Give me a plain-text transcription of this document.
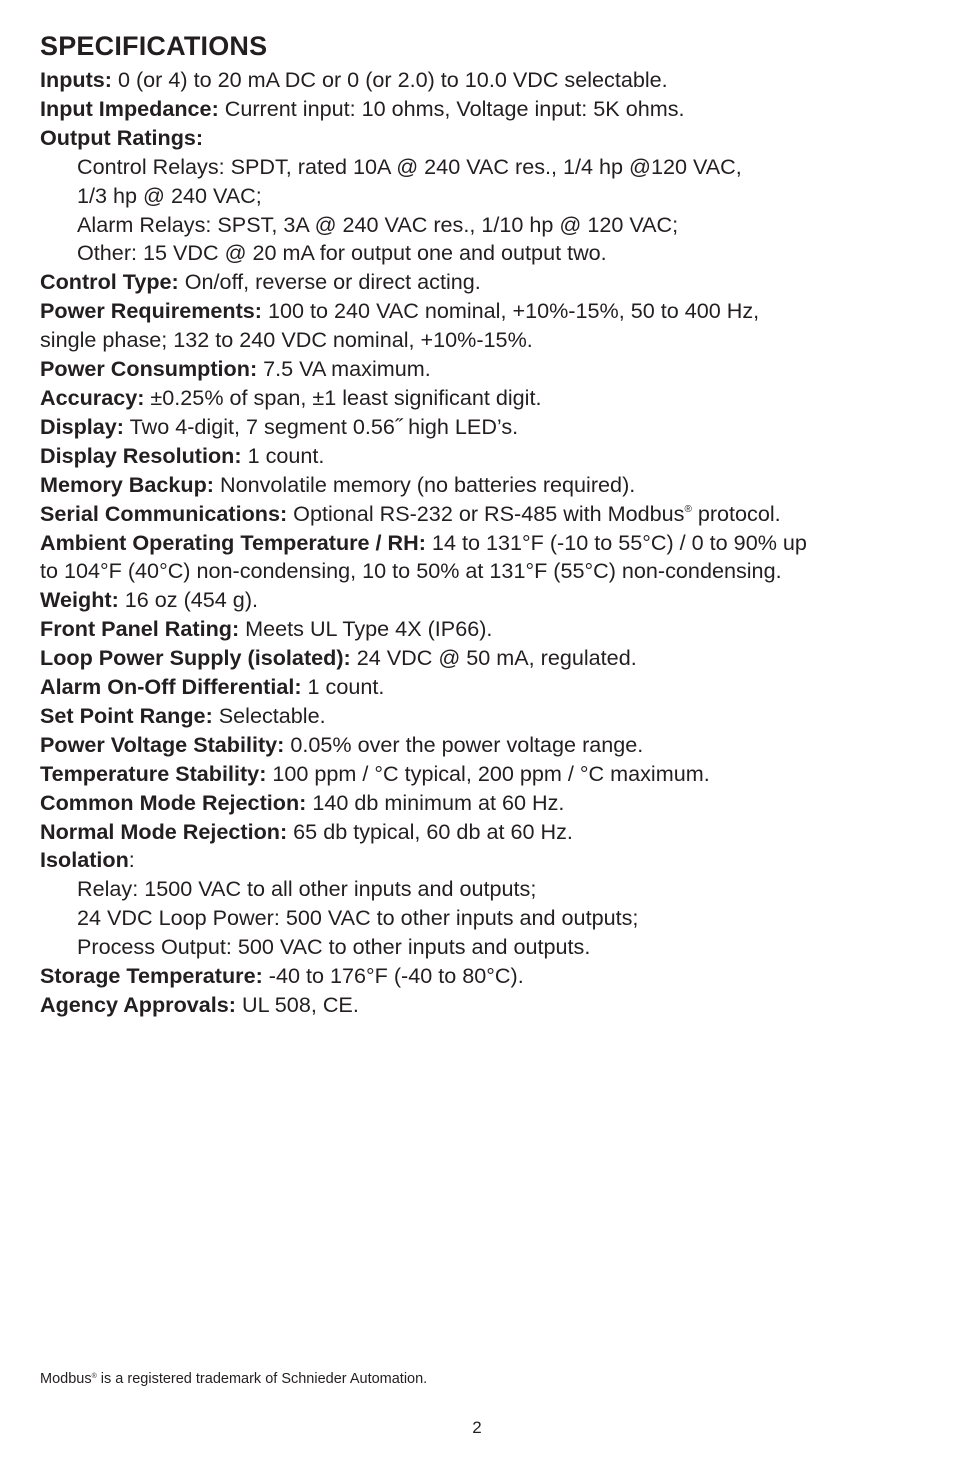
SPECIFICATIONS
Inputs: 0 (or 4) to 20 mA DC or 0 (or 2.0) to 10.0 VDC selectable.
Input Impedance: Current input: 10 ohms, Voltage input: 5K ohms.
Output Ratings:
Control Relays: SPDT, rated 10A @ 240 VAC res., 1/4 hp @120 VAC,
1/3 hp @ 240 VAC;
Alarm Relays: SPST, 3A @ 240 VAC res., 1/10 hp @ 120 VAC;
Other: 15 VDC @ 20 mA for output one and output two.
Control Type: On/off, reverse or direct acting.
Power Requirements: 100 to 240 VAC nominal, +10%-15%, 50 to 400 Hz,
single phase; 132 to 240 VDC nominal, +10%-15%.
Power Consumption: 7.5 VA maximum.
Accuracy: ±0.25% of span, ±1 least significant digit.
Display: Two 4-digit, 7 segment 0.56˝ high LED’s.
Display Resolution: 1 count.
Memory Backup: Nonvolatile memory (no batteries required).
Serial Communications: Optional RS-232 or RS-485 with Modbus® protocol.
Ambient Operating Temperature / RH: 14 to 131°F (-10 to 55°C) / 0 to 90% up
to 104°F (40°C) non-condensing, 10 to 50% at 131°F (55°C) non-condensing.
Weight: 16 oz (454 g).
Front Panel Rating: Meets UL Type 4X (IP66).
Loop Power Supply (isolated): 24 VDC @ 50 mA, regulated.
Alarm On-Off Differential: 1 count.
Set Point Range: Selectable.
Power Voltage Stability: 0.05% over the power voltage range.
Temperature Stability: 100 ppm / °C typical, 200 ppm / °C maximum.
Common Mode Rejection: 140 db minimum at 60 Hz.
Normal Mode Rejection: 65 db typical, 60 db at 60 Hz.
Isolation:
Relay: 1500 VAC to all other inputs and outputs;
24 VDC Loop Power: 500 VAC to other inputs and outputs;
Process Output: 500 VAC to other inputs and outputs.
Storage Temperature: -40 to 176°F (-40 to 80°C).
Agency Approvals: UL 508, CE.
Modbus® is a registered trademark of Schnieder Automation.
2
